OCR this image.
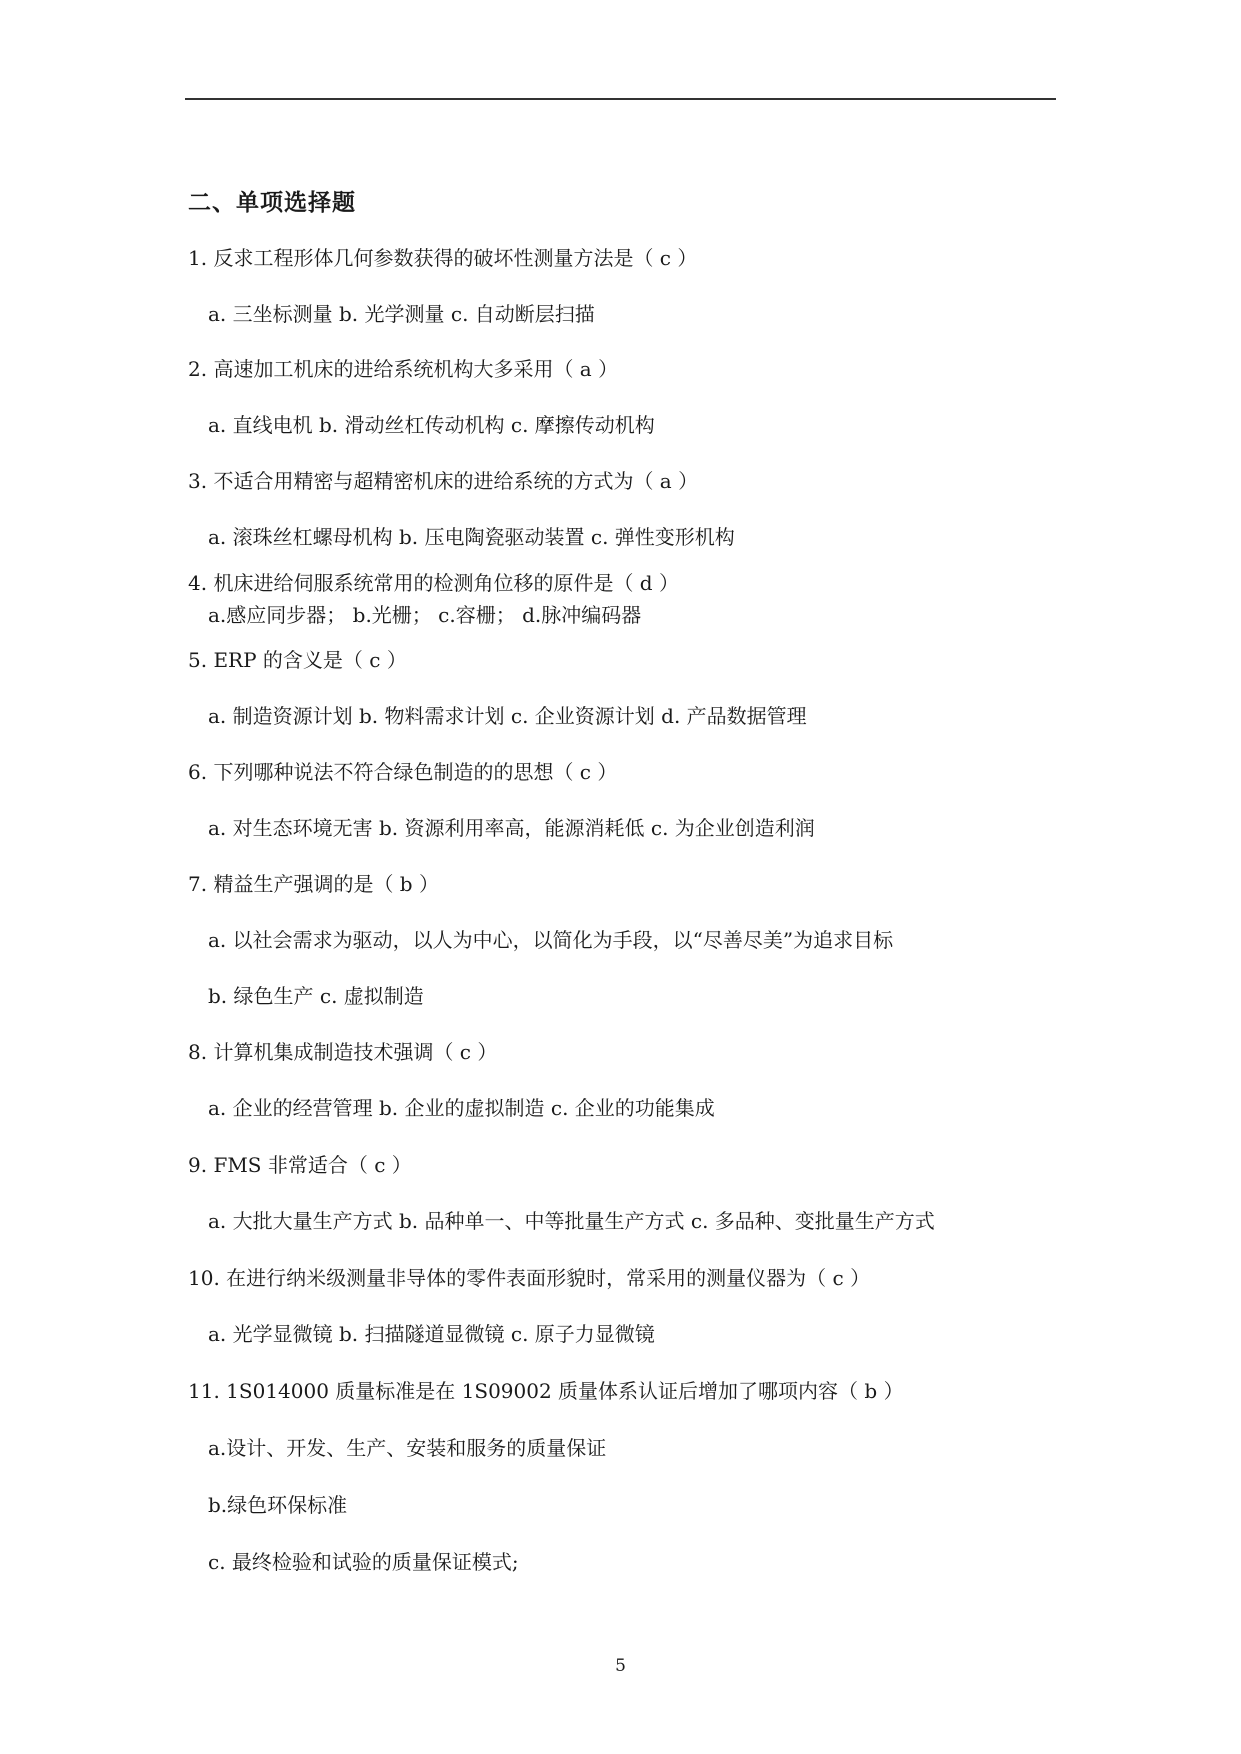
二、单项选择题
1. 反求工程形体几何参数获得的破坏性测量方法是（ c ）
a. 三坐标测量 b. 光学测量 c. 自动断层扫描
2. 高速加工机床的进给系统机构大多采用（ a ）
a. 直线电机 b. 滑动丝杠传动机构 c. 摩擦传动机构
3. 不适合用精密与超精密机床的进给系统的方式为（ a ）
a. 滚珠丝杠螺母机构 b. 压电陶瓷驱动装置 c. 弹性变形机构
4. 机床进给伺服系统常用的检测角位移的原件是（ d ）
a.感应同步器； b.光栅； c.容栅； d.脉冲编码器
5. ERP 的含义是（ c ）
a. 制造资源计划 b. 物料需求计划 c. 企业资源计划 d. 产品数据管理
6. 下列哪种说法不符合绿色制造的的思想（ c ）
a. 对生态环境无害 b. 资源利用率高，能源消耗低 c. 为企业创造利润
7. 精益生产强调的是（ b ）
a. 以社会需求为驱动，以人为中心，以简化为手段，以“尽善尽美”为追求目标
b. 绿色生产 c. 虚拟制造
8. 计算机集成制造技术强调（ c ）
a. 企业的经营管理 b. 企业的虚拟制造 c. 企业的功能集成
9. FMS 非常适合（ c ）
a. 大批大量生产方式 b. 品种单一、中等批量生产方式 c. 多品种、变批量生产方式
10. 在进行纳米级测量非导体的零件表面形貌时，常采用的测量仪器为（ c ）
a. 光学显微镜 b. 扫描隧道显微镜 c. 原子力显微镜
11. 1S014000 质量标准是在 1S09002 质量体系认证后增加了哪项内容（ b ）
a.设计、开发、生产、安装和服务的质量保证
b.绿色环保标准
c. 最终检验和试验的质量保证模式;
5
